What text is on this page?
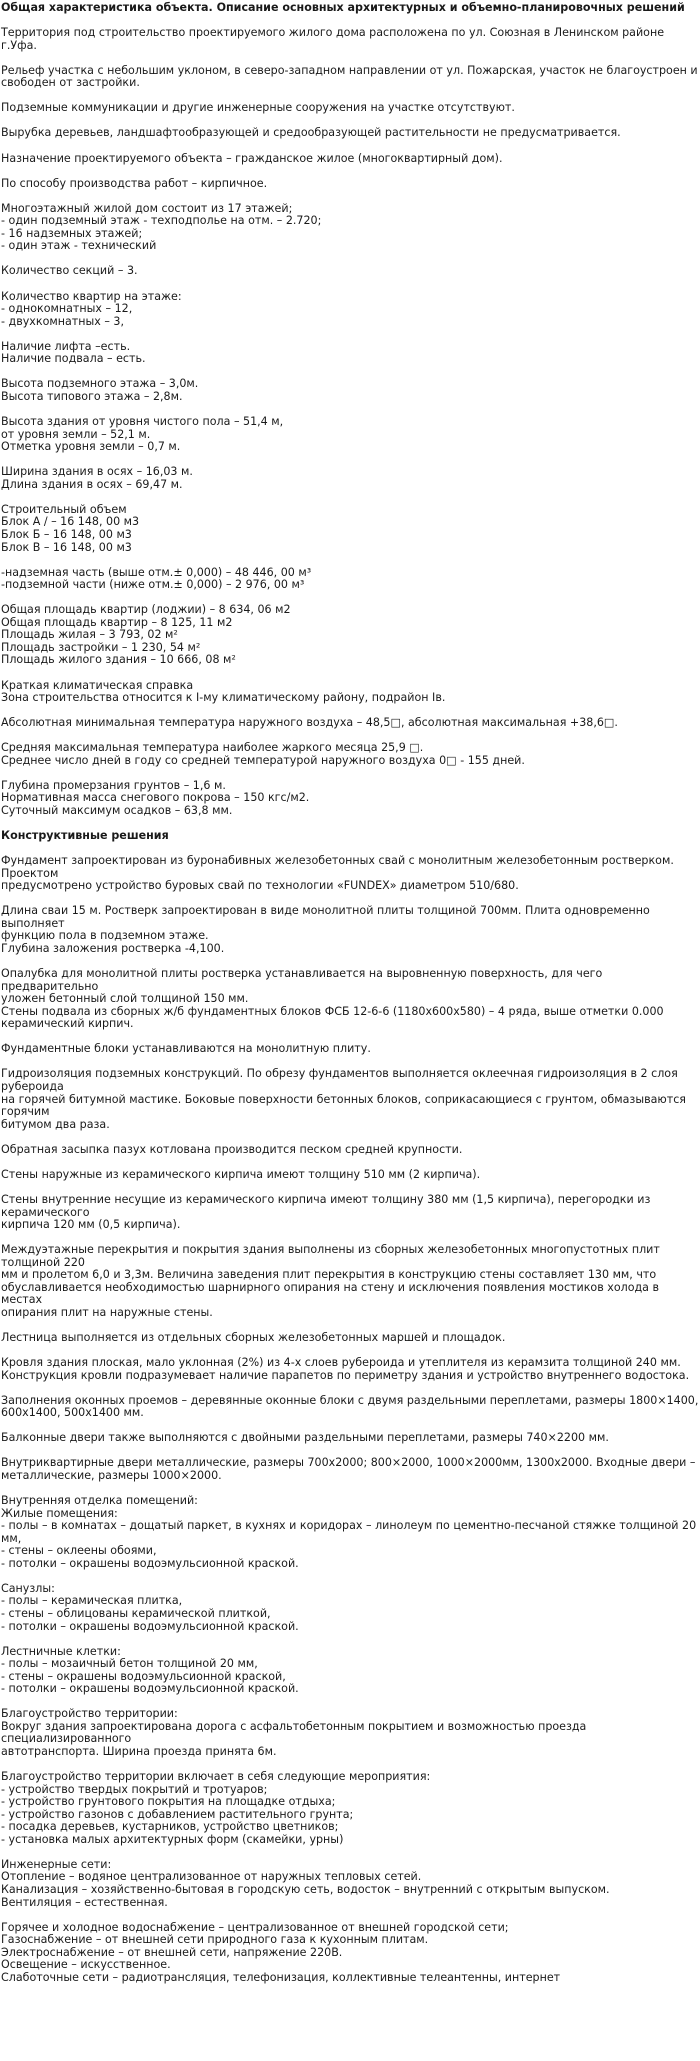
Общая характеристика объекта. Описание основных архитектурных и объемно-планировочных решений

Территория под строительство проектируемого жилого дома расположена по ул. Союзная в Ленинском районе г.Уфа.

Рельеф участка с небольшим уклоном, в северо-западном направлении от ул. Пожарская, участок не благоустроен и
свободен от застройки.

Подземные коммуникации и другие инженерные сооружения на участке отсутствуют.

Вырубка деревьев, ландшафтообразующей и средообразующей растительности не предусматривается.

Назначение проектируемого объекта – гражданское жилое (многоквартирный дом).

По способу производства работ – кирпичное.

Многоэтажный жилой дом состоит из 17 этажей;
- один подземный этаж - техподполье на отм. – 2.720;
- 16 надземных этажей;
- один этаж - технический

Количество секций – 3.

Количество квартир на этаже:
- однокомнатных – 12,
- двухкомнатных – 3,

Наличие лифта –есть.
Наличие подвала – есть.

Высота подземного этажа – 3,0м.
Высота типового этажа – 2,8м.

Высота здания от уровня чистого пола – 51,4 м,
от уровня земли – 52,1 м.
Отметка уровня земли – 0,7 м.

Ширина здания в осях – 16,03 м.
Длина здания в осях – 69,47 м.

Строительный объем
Блок А / – 16 148, 00 м3
Блок Б – 16 148, 00 м3
Блок В – 16 148, 00 м3

-надземная часть (выше отм.± 0,000) – 48 446, 00 м³
-подземной части (ниже отм.± 0,000) – 2 976, 00 м³

Общая площадь квартир (лоджии) – 8 634, 06 м2
Общая площадь квартир – 8 125, 11 м2
Площадь жилая – 3 793, 02 м²
Площадь застройки – 1 230, 54 м²
Площадь жилого здания – 10 666, 08 м²

Краткая климатическая справка
Зона строительства относится к I-му климатическому району, подрайон Iв.

Абсолютная минимальная температура наружного воздуха – 48,5□, абсолютная максимальная +38,6□.

Средняя максимальная температура наиболее жаркого месяца 25,9 □.
Среднее число дней в году со средней температурой наружного воздуха 0□ - 155 дней.

Глубина промерзания грунтов – 1,6 м.
Нормативная масса снегового покрова – 150 кгс/м2.
Суточный максимум осадков – 63,8 мм.

Конструктивные решения

Фундамент запроектирован из буронабивных железобетонных свай с монолитным железобетонным ростверком. Проектом
предусмотрено устройство буровых свай по технологии «FUNDEX» диаметром 510/680.

Длина сваи 15 м. Ростверк запроектирован в виде монолитной плиты толщиной 700мм. Плита одновременно выполняет
функцию пола в подземном этаже.
Глубина заложения ростверка -4,100.

Опалубка для монолитной плиты ростверка устанавливается на выровненную поверхность, для чего предварительно
уложен бетонный слой толщиной 150 мм.
Стены подвала из сборных ж/б фундаментных блоков ФСБ 12-6-6 (1180х600х580) – 4 ряда, выше отметки 0.000
керамический кирпич.

Фундаментные блоки устанавливаются на монолитную плиту.

Гидроизоляция подземных конструкций. По обрезу фундаментов выполняется оклеечная гидроизоляция в 2 слоя рубероида
на горячей битумной мастике. Боковые поверхности бетонных блоков, соприкасающиеся с грунтом, обмазываются горячим
битумом два раза.

Обратная засыпка пазух котлована производится песком средней крупности.

Стены наружные из керамического кирпича имеют толщину 510 мм (2 кирпича).

Стены внутренние несущие из керамического кирпича имеют толщину 380 мм (1,5 кирпича), перегородки из керамического
кирпича 120 мм (0,5 кирпича).

Междуэтажные перекрытия и покрытия здания выполнены из сборных железобетонных многопустотных плит толщиной 220
мм и пролетом 6,0 и 3,3м. Величина заведения плит перекрытия в конструкцию стены составляет 130 мм, что
обуславливается необходимостью шарнирного опирания на стену и исключения появления мостиков холода в местах
опирания плит на наружные стены.

Лестница выполняется из отдельных сборных железобетонных маршей и площадок.

Кровля здания плоская, мало уклонная (2%) из 4-х слоев рубероида и утеплителя из керамзита толщиной 240 мм.
Конструкция кровли подразумевает наличие парапетов по периметру здания и устройство внутреннего водостока.

Заполнения оконных проемов – деревянные оконные блоки с двумя раздельными переплетами, размеры 1800×1400,
600х1400, 500х1400 мм.

Балконные двери также выполняются с двойными раздельными переплетами, размеры 740×2200 мм.

Внутриквартирные двери металлические, размеры 700х2000; 800×2000, 1000×2000мм, 1300х2000. Входные двери –
металлические, размеры 1000×2000.

Внутренняя отделка помещений:
Жилые помещения:
- полы – в комнатах – дощатый паркет, в кухнях и коридорах – линолеум по цементно-песчаной стяжке толщиной 20 мм,
- стены – оклеены обоями,
- потолки – окрашены водоэмульсионной краской.

Санузлы:
- полы – керамическая плитка,
- стены – облицованы керамической плиткой,
- потолки – окрашены водоэмульсионной краской.

Лестничные клетки:
- полы – мозаичный бетон толщиной 20 мм,
- стены – окрашены водоэмульсионной краской,
- потолки – окрашены водоэмульсионной краской.

Благоустройство территории:
Вокруг здания запроектирована дорога с асфальтобетонным покрытием и возможностью проезда специализированного
автотранспорта. Ширина проезда принята 6м.

Благоустройство территории включает в себя следующие мероприятия:
- устройство твердых покрытий и тротуаров;
- устройство грунтового покрытия на площадке отдыха;
- устройство газонов с добавлением растительного грунта;
- посадка деревьев, кустарников, устройство цветников;
- установка малых архитектурных форм (скамейки, урны)

Инженерные сети:
Отопление – водяное централизованное от наружных тепловых сетей.
Канализация – хозяйственно-бытовая в городскую сеть, водосток – внутренний с открытым выпуском.
Вентиляция – естественная.

Горячее и холодное водоснабжение – централизованное от внешней городской сети;
Газоснабжение – от внешней сети природного газа к кухонным плитам.
Электроснабжение – от внешней сети, напряжение 220В.
Освещение – искусственное.
Слаботочные сети – радиотрансляция, телефонизация, коллективные телеантенны, интернет
